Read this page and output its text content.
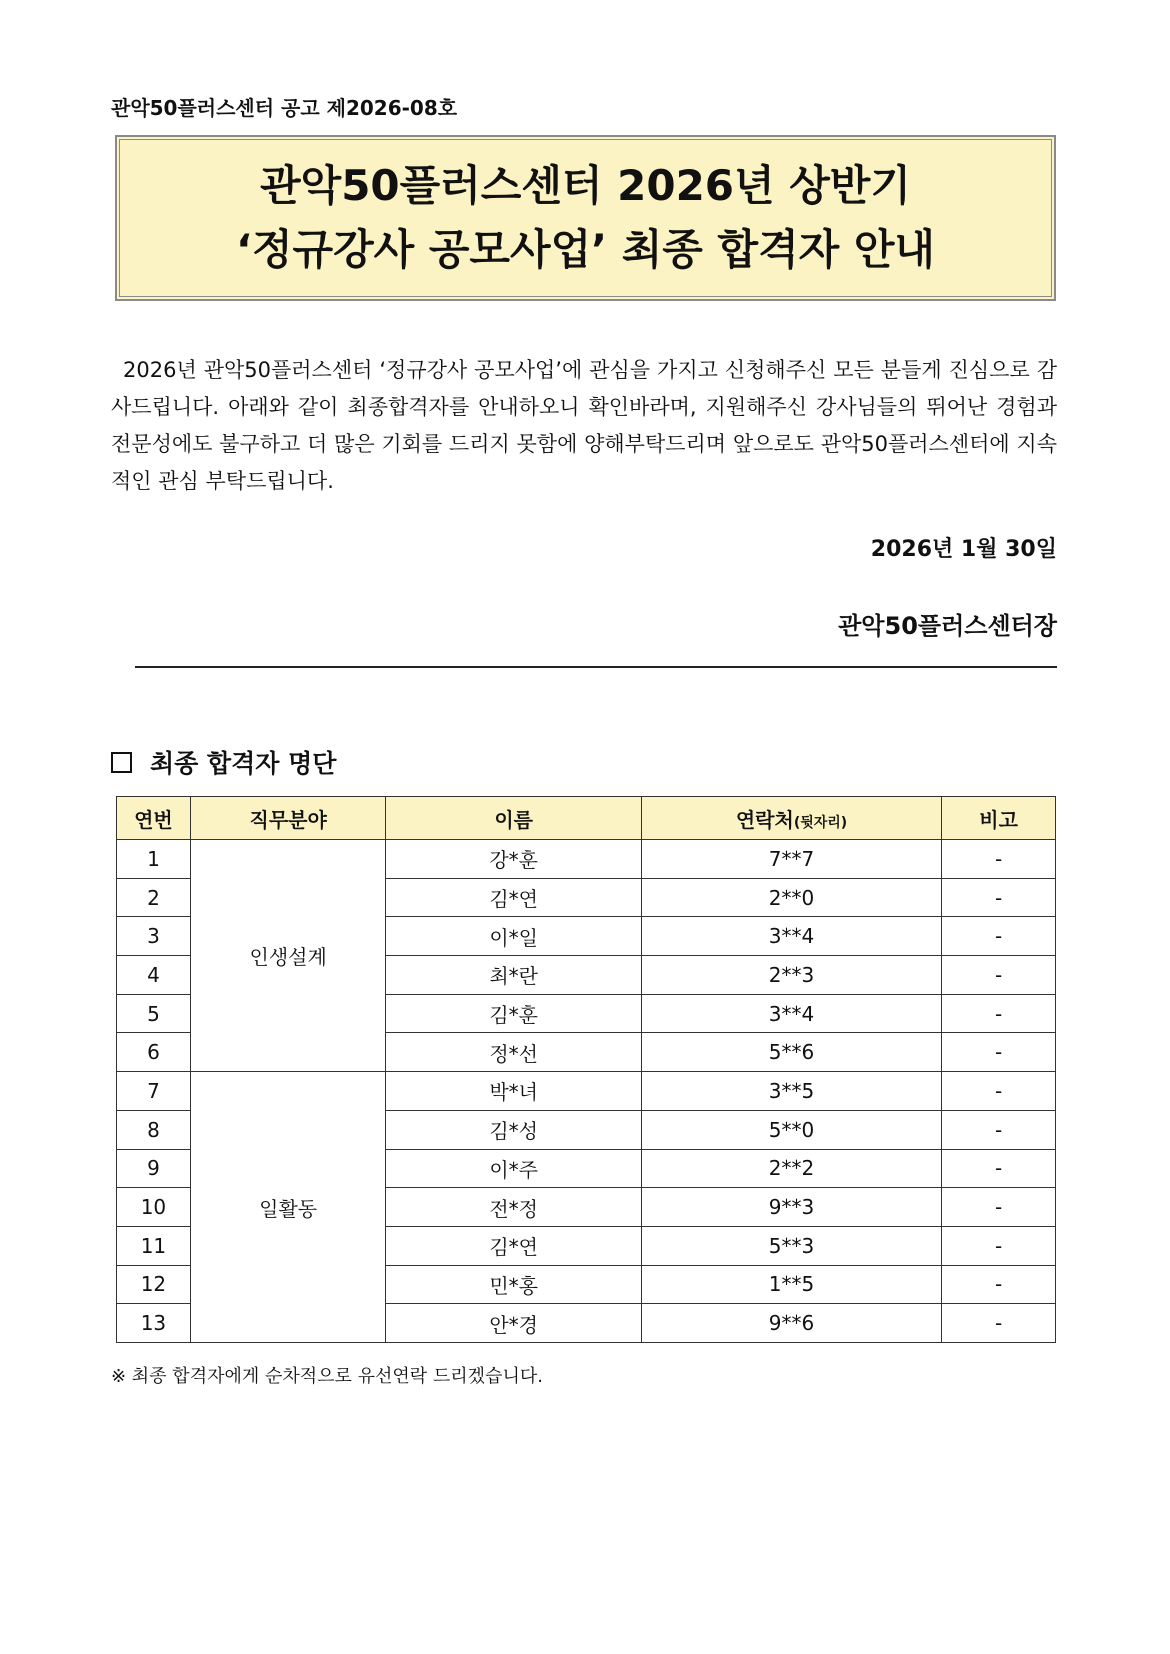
관악50플러스센터 공고 제2026-08호
관악50플러스센터 2026년 상반기
‘정규강사 공모사업’ 최종 합격자 안내
2026년 관악50플러스센터 ‘정규강사 공모사업’에 관심을 가지고 신청해주신 모든 분들게 진심으로 감사드립니다. 아래와 같이 최종합격자를 안내하오니 확인바라며, 지원해주신 강사님들의 뛰어난 경험과 전문성에도 불구하고 더 많은 기회를 드리지 못함에 양해부탁드리며 앞으로도 관악50플러스센터에 지속적인 관심 부탁드립니다.
2026년 1월 30일
관악50플러스센터장
최종 합격자 명단
연번	직무분야	이름	연락처(뒷자리)	비고
1	인생설계	강*훈	7**7	-
2		김*연	2**0	-
3		이*일	3**4	-
4		최*란	2**3	-
5		김*훈	3**4	-
6		정*선	5**6	-
7	일활동	박*녀	3**5	-
8		김*성	5**0	-
9		이*주	2**2	-
10		전*정	9**3	-
11		김*연	5**3	-
12		민*홍	1**5	-
13		안*경	9**6	-
※ 최종 합격자에게 순차적으로 유선연락 드리겠습니다.
